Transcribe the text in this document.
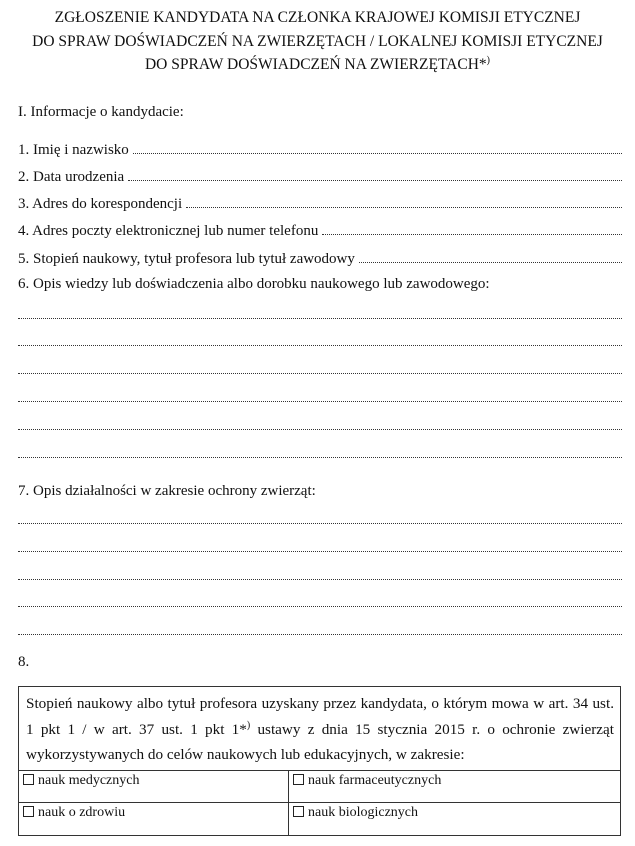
ZGŁOSZENIE KANDYDATA NA CZŁONKA KRAJOWEJ KOMISJI ETYCZNEJ
DO SPRAW DOŚWIADCZEŃ NA ZWIERZĘTACH / LOKALNEJ KOMISJI ETYCZNEJ
DO SPRAW DOŚWIADCZEŃ NA ZWIERZĘTACH*)
I. Informacje o kandydacie:
1. Imię i nazwisko
2. Data urodzenia
3. Adres do korespondencji
4. Adres poczty elektronicznej lub numer telefonu
5. Stopień naukowy, tytuł profesora lub tytuł zawodowy
6. Opis wiedzy lub doświadczenia albo dorobku naukowego lub zawodowego:
7. Opis działalności w zakresie ochrony zwierząt:
8.
Stopień naukowy albo tytuł profesora uzyskany przez kandydata, o którym mowa w art. 34 ust. 1 pkt 1 / w art. 37 ust. 1 pkt 1*) ustawy z dnia 15 stycznia 2015 r. o ochronie zwierząt wykorzystywanych do celów naukowych lub edukacyjnych, w zakresie:
nauk medycznych	nauk farmaceutycznych
nauk o zdrowiu	nauk biologicznych
